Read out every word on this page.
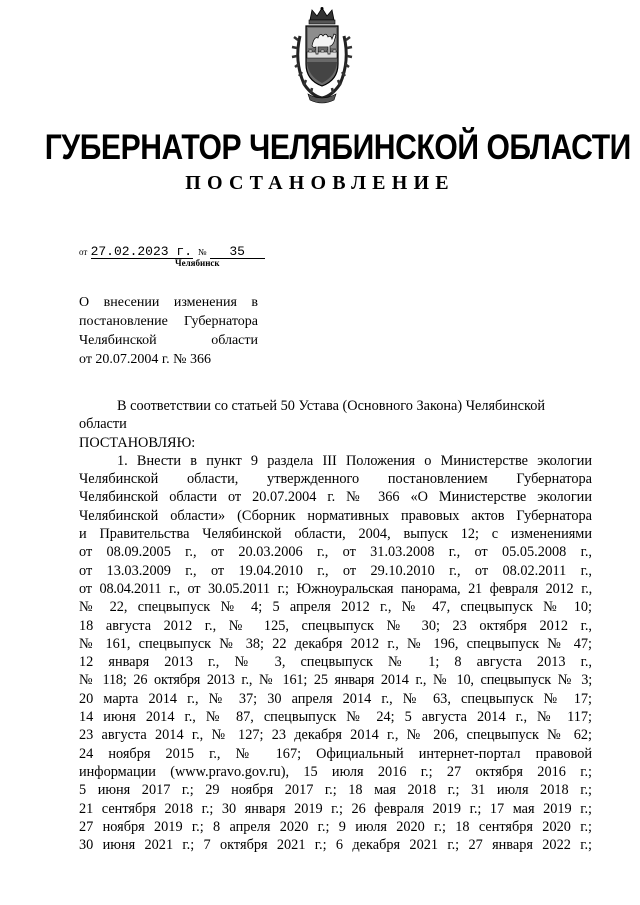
ГУБЕРНАТОР ЧЕЛЯБИНСКОЙ ОБЛАСТИ
ПОСТАНОВЛЕНИЕ
от 27.02.2023 г. № 35
Челябинск
О внесении изменения в
постановление Губернатора
Челябинской области
от 20.07.2004 г. № 366
В соответствии со статьей 50 Устава (Основного Закона) Челябинской
области
ПОСТАНОВЛЯЮ:
1. Внести в пункт 9 раздела III Положения о Министерстве экологии
Челябинской области, утвержденного постановлением Губернатора
Челябинской области от 20.07.2004 г. № 366 «О Министерстве экологии
Челябинской области» (Сборник нормативных правовых актов Губернатора
и Правительства Челябинской области, 2004, выпуск 12; с изменениями
от 08.09.2005 г., от 20.03.2006 г., от 31.03.2008 г., от 05.05.2008 г.,
от 13.03.2009 г., от 19.04.2010 г., от 29.10.2010 г., от 08.02.2011 г.,
от 08.04.2011 г., от 30.05.2011 г.; Южноуральская панорама, 21 февраля 2012 г.,
№ 22, спецвыпуск № 4; 5 апреля 2012 г., № 47, спецвыпуск № 10;
18 августа 2012 г., № 125, спецвыпуск № 30; 23 октября 2012 г.,
№ 161, спецвыпуск № 38; 22 декабря 2012 г., № 196, спецвыпуск № 47;
12 января 2013 г., № 3, спецвыпуск № 1; 8 августа 2013 г.,
№ 118; 26 октября 2013 г., № 161; 25 января 2014 г., № 10, спецвыпуск № 3;
20 марта 2014 г., № 37; 30 апреля 2014 г., № 63, спецвыпуск № 17;
14 июня 2014 г., № 87, спецвыпуск № 24; 5 августа 2014 г., № 117;
23 августа 2014 г., № 127; 23 декабря 2014 г., № 206, спецвыпуск № 62;
24 ноября 2015 г., № 167; Официальный интернет-портал правовой
информации (www.pravo.gov.ru), 15 июля 2016 г.; 27 октября 2016 г.;
5 июня 2017 г.; 29 ноября 2017 г.; 18 мая 2018 г.; 31 июля 2018 г.;
21 сентября 2018 г.; 30 января 2019 г.; 26 февраля 2019 г.; 17 мая 2019 г.;
27 ноября 2019 г.; 8 апреля 2020 г.; 9 июля 2020 г.; 18 сентября 2020 г.;
30 июня 2021 г.; 7 октября 2021 г.; 6 декабря 2021 г.; 27 января 2022 г.;
